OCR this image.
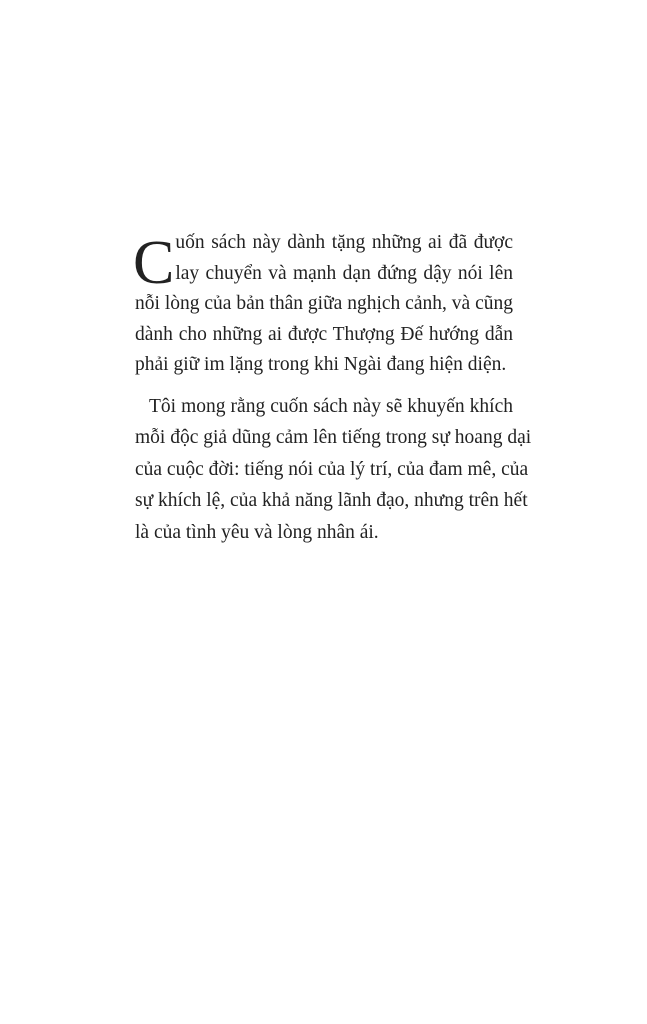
C uốn sách này dành tặng những ai đã được
lay chuyển và mạnh dạn đứng dậy nói lên
nỗi lòng của bản thân giữa nghịch cảnh, và cũng
dành cho những ai được Thượng Đế hướng dẫn
phải giữ im lặng trong khi Ngài đang hiện diện.
Tôi mong rằng cuốn sách này sẽ khuyến khích
mỗi độc giả dũng cảm lên tiếng trong sự hoang dại
của cuộc đời: tiếng nói của lý trí, của đam mê, của
sự khích lệ, của khả năng lãnh đạo, nhưng trên hết
là của tình yêu và lòng nhân ái.
